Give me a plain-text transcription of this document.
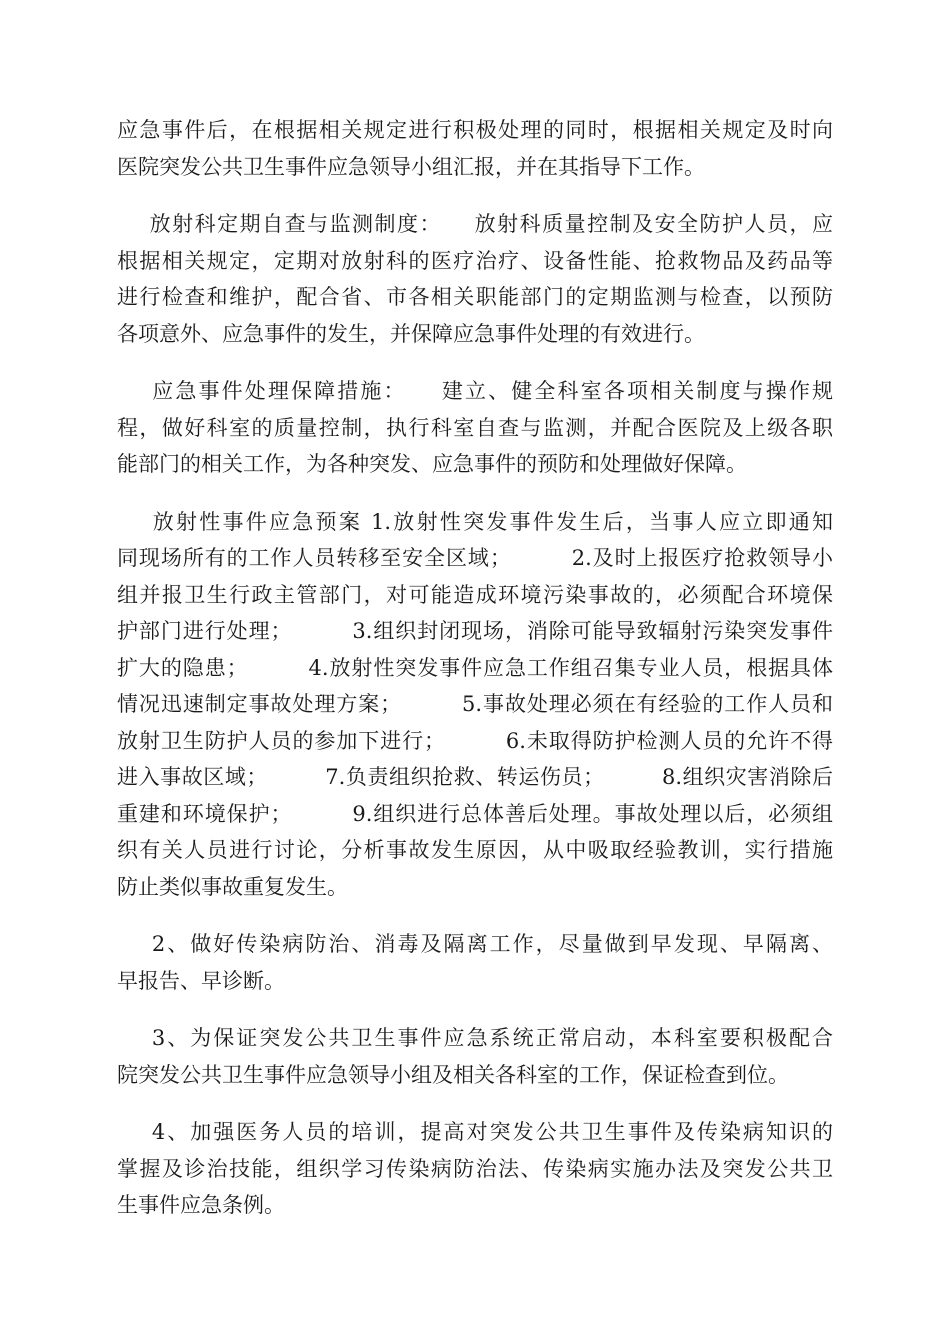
应急事件后，在根据相关规定进行积极处理的同时，根据相关规定及时向
医院突发公共卫生事件应急领导小组汇报，并在其指导下工作。
放射科定期自查与监测制度：    放射科质量控制及安全防护人员，应
根据相关规定，定期对放射科的医疗治疗、设备性能、抢救物品及药品等
进行检查和维护，配合省、市各相关职能部门的定期监测与检查，以预防
各项意外、应急事件的发生，并保障应急事件处理的有效进行。
应急事件处理保障措施：    建立、健全科室各项相关制度与操作规
程，做好科室的质量控制，执行科室自查与监测，并配合医院及上级各职
能部门的相关工作，为各种突发、应急事件的预防和处理做好保障。
放射性事件应急预案 1.放射性突发事件发生后，当事人应立即通知
同现场所有的工作人员转移至安全区域；        2.及时上报医疗抢救领导小
组并报卫生行政主管部门，对可能造成环境污染事故的，必须配合环境保
护部门进行处理；        3.组织封闭现场，消除可能导致辐射污染突发事件
扩大的隐患；        4.放射性突发事件应急工作组召集专业人员，根据具体
情况迅速制定事故处理方案；        5.事故处理必须在有经验的工作人员和
放射卫生防护人员的参加下进行；        6.未取得防护检测人员的允许不得
进入事故区域；        7.负责组织抢救、转运伤员；        8.组织灾害消除后
重建和环境保护；        9.组织进行总体善后处理。事故处理以后，必须组
织有关人员进行讨论，分析事故发生原因，从中吸取经验教训，实行措施
防止类似事故重复发生。
2、做好传染病防治、消毒及隔离工作，尽量做到早发现、早隔离、
早报告、早诊断。
3、为保证突发公共卫生事件应急系统正常启动，本科室要积极配合
院突发公共卫生事件应急领导小组及相关各科室的工作，保证检查到位。
4、加强医务人员的培训，提高对突发公共卫生事件及传染病知识的
掌握及诊治技能，组织学习传染病防治法、传染病实施办法及突发公共卫
生事件应急条例。
